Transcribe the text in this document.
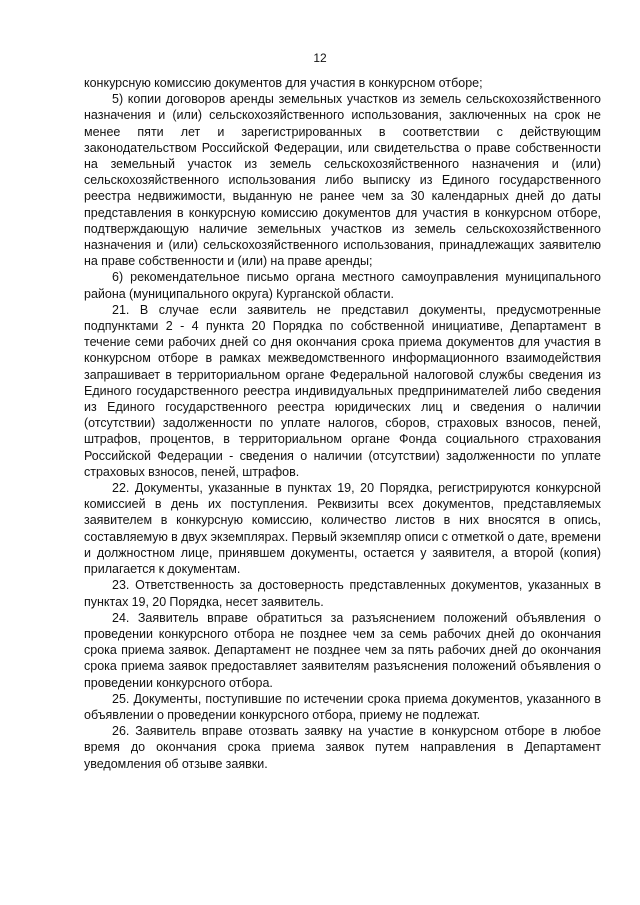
12

конкурсную комиссию документов для участия в конкурсном отборе;

5) копии договоров аренды земельных участков из земель сельскохозяйственного назначения и (или) сельскохозяйственного использования, заключенных на срок не менее пяти лет и зарегистрированных в соответствии с действующим законодательством Российской Федерации, или свидетельства о праве собственности на земельный участок из земель сельскохозяйственного назначения и (или) сельскохозяйственного использования либо выписку из Единого государственного реестра недвижимости, выданную не ранее чем за 30 календарных дней до даты представления в конкурсную комиссию документов для участия в конкурсном отборе, подтверждающую наличие земельных участков из земель сельскохозяйственного назначения и (или) сельскохозяйственного использования, принадлежащих заявителю на праве собственности и (или) на праве аренды;

6) рекомендательное письмо органа местного самоуправления муниципального района (муниципального округа) Курганской области.

21. В случае если заявитель не представил документы, предусмотренные подпунктами 2 - 4 пункта 20 Порядка по собственной инициативе, Департамент в течение семи рабочих дней со дня окончания срока приема документов для участия в конкурсном отборе в рамках межведомственного информационного взаимодействия запрашивает в территориальном органе Федеральной налоговой службы сведения из Единого государственного реестра индивидуальных предпринимателей либо сведения из Единого государственного реестра юридических лиц и сведения о наличии (отсутствии) задолженности по уплате налогов, сборов, страховых взносов, пеней, штрафов, процентов, в территориальном органе Фонда социального страхования Российской Федерации - сведения о наличии (отсутствии) задолженности по уплате страховых взносов, пеней, штрафов.

22. Документы, указанные в пунктах 19, 20 Порядка, регистрируются конкурсной комиссией в день их поступления. Реквизиты всех документов, представляемых заявителем в конкурсную комиссию, количество листов в них вносятся в опись, составляемую в двух экземплярах. Первый экземпляр описи с отметкой о дате, времени и должностном лице, принявшем документы, остается у заявителя, а второй (копия) прилагается к документам.

23. Ответственность за достоверность представленных документов, указанных в пунктах 19, 20 Порядка, несет заявитель.

24. Заявитель вправе обратиться за разъяснением положений объявления о проведении конкурсного отбора не позднее чем за семь рабочих дней до окончания срока приема заявок. Департамент не позднее чем за пять рабочих дней до окончания срока приема заявок предоставляет заявителям разъяснения положений объявления о проведении конкурсного отбора.

25. Документы, поступившие по истечении срока приема документов, указанного в объявлении о проведении конкурсного отбора, приему не подлежат.

26. Заявитель вправе отозвать заявку на участие в конкурсном отборе в любое время до окончания срока приема заявок путем направления в Департамент уведомления об отзыве заявки.
